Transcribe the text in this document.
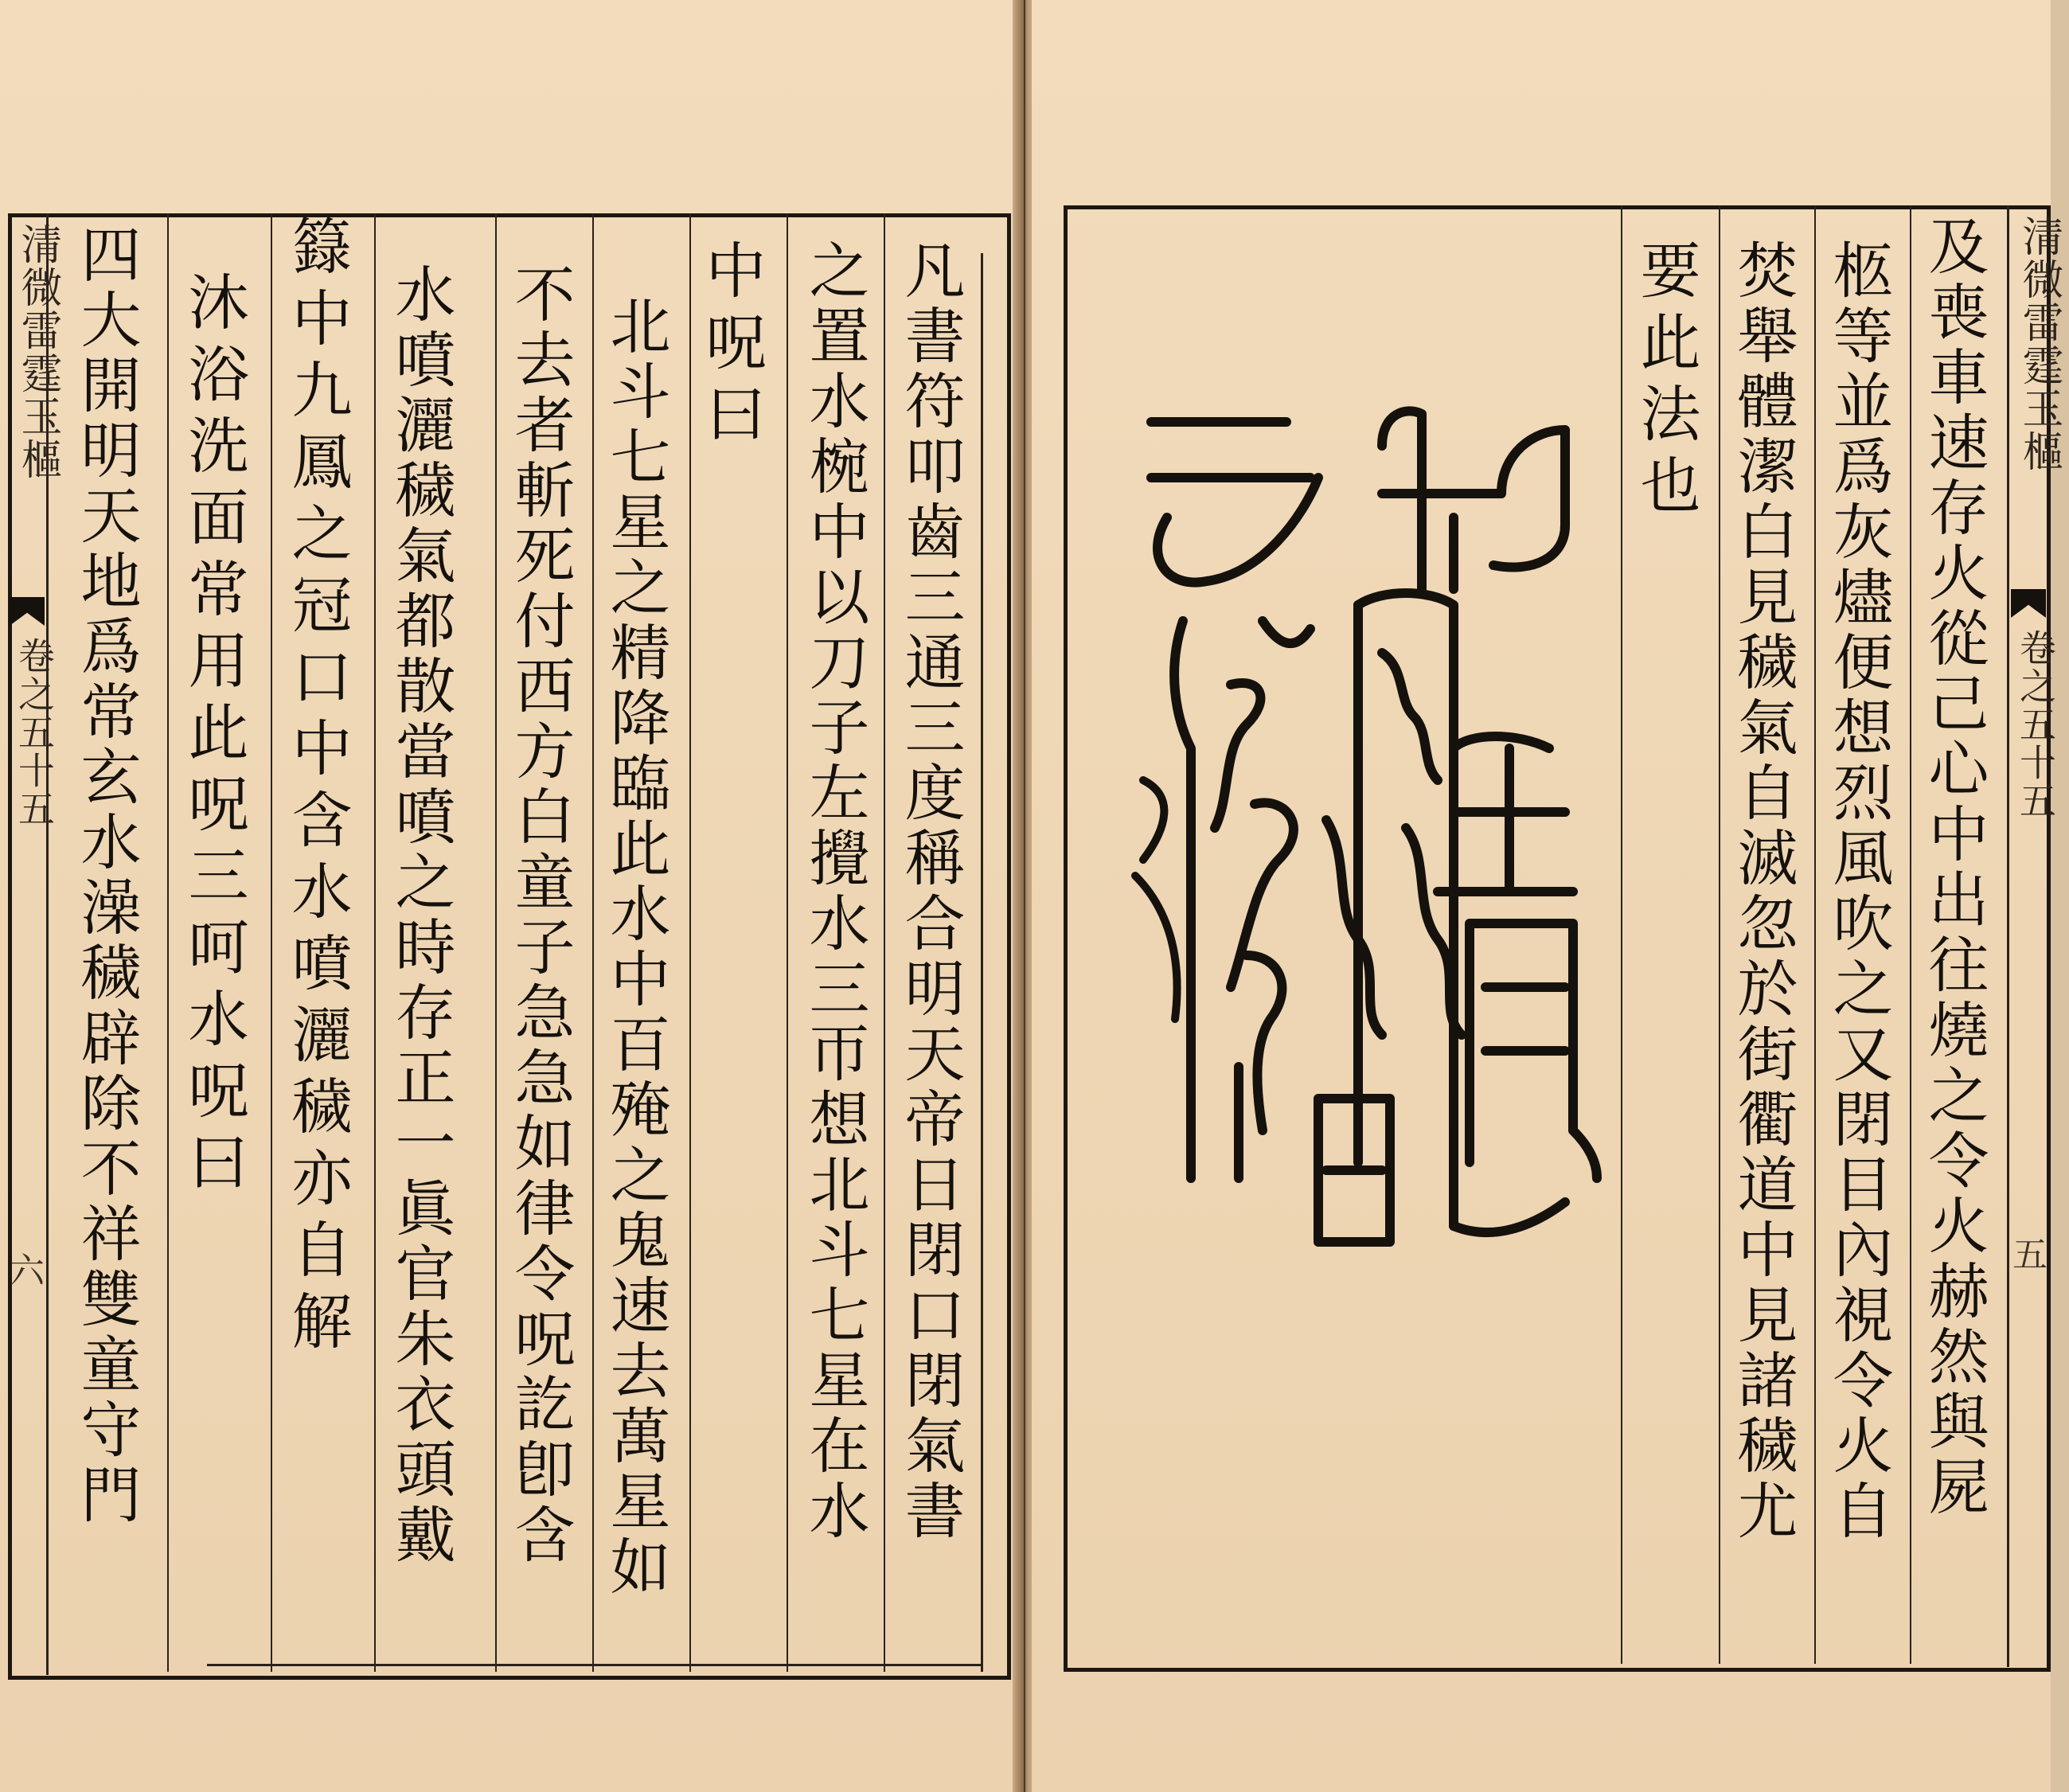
清微雷霆玉樞
卷之五十五
六	凡書符叩齒三通三度稱合明天帝日閉口閉氣書
之置水椀中以刀子左攪水三帀想北斗七星在水
中呪曰
北斗七星之精降臨此水中百殗之鬼速去萬星如
不去者斬死付西方白童子急急如律令呪訖卽含
水噴灑穢氣都散當噴之時存正一眞官朱衣頭戴
籙中九鳳之冠口中含水噴灑穢亦自解
沐浴洗面常用此呪三呵水呪曰
四大開明天地爲常玄水澡穢辟除不祥雙童守門	清微雷霆玉樞
卷之五十五
五
及喪車速存火從己心中出往燒之令火赫然與屍
柩等並爲灰燼便想烈風吹之又閉目內視令火自
焚舉體潔白見穢氣自滅忽於街衢道中見諸穢尤
要此法也
